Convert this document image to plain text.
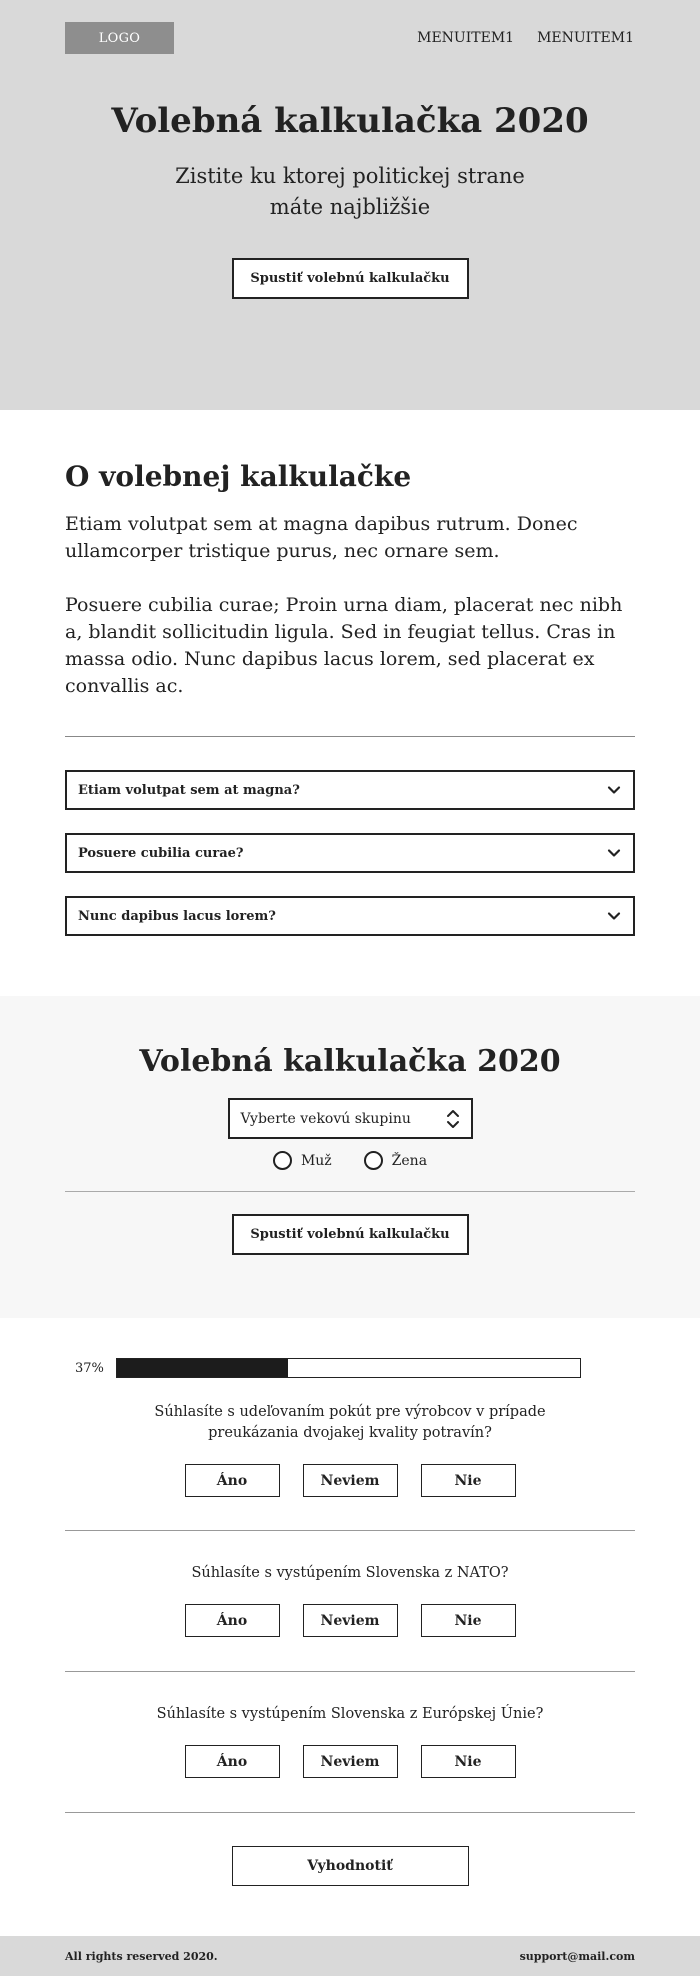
LOGO	MENUITEM1 MENUITEM1
Volebná kalkulačka 2020

Zistite ku ktorej politickej strane máte najbližšie

Spustiť volebnú kalkulačku
O volebnej kalkulačke

Etiam volutpat sem at magna dapibus rutrum. Donec ullamcorper tristique purus, nec ornare sem.

Posuere cubilia curae; Proin urna diam, placerat nec nibh a, blandit sollicitudin ligula. Sed in feugiat tellus. Cras in massa odio. Nunc dapibus lacus lorem, sed placerat ex convallis ac.

Etiam volutpat sem at magna?
Posuere cubilia curae?
Nunc dapibus lacus lorem?
Volebná kalkulačka 2020
Vyberte vekovú skupinu
Muž	Žena
Spustiť volebnú kalkulačku
37%

Súhlasíte s udeľovaním pokút pre výrobcov v prípade preukázania dvojakej kvality potravín?

Áno	Neviem	Nie

Súhlasíte s vystúpením Slovenska z NATO?

Áno	Neviem	Nie

Súhlasíte s vystúpením Slovenska z Európskej Únie?

Áno	Neviem	Nie
Vyhodnotiť
All rights reserved 2020.	support@mail.com
